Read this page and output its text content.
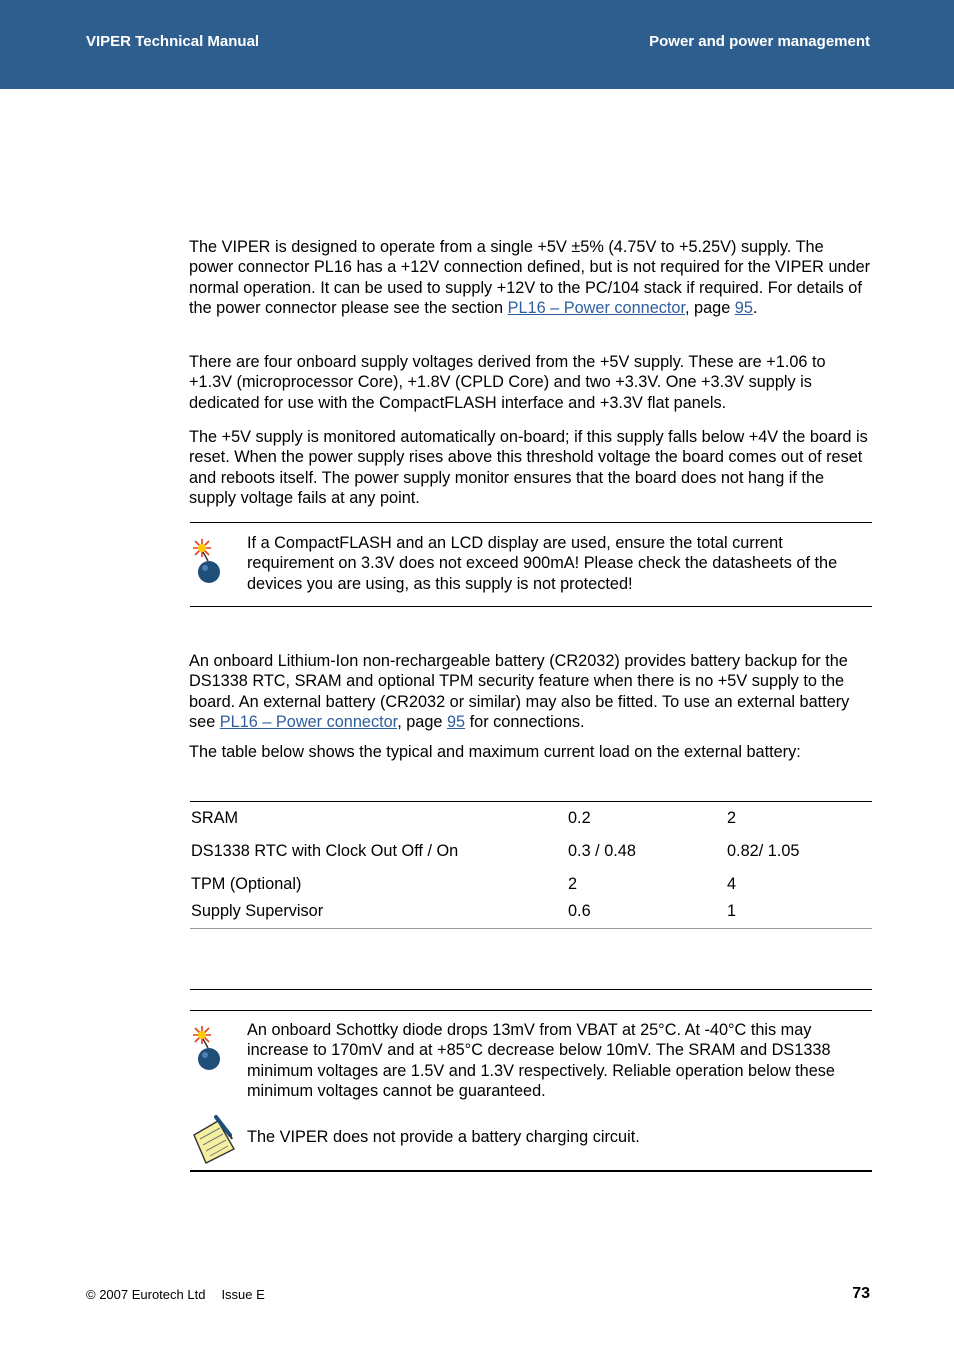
VIPER Technical Manual	Power and power management

The VIPER is designed to operate from a single +5V ±5% (4.75V to +5.25V) supply. The power connector PL16 has a +12V connection defined, but is not required for the VIPER under normal operation. It can be used to supply +12V to the PC/104 stack if required. For details of the power connector please see the section PL16 – Power connector, page 95.

There are four onboard supply voltages derived from the +5V supply. These are +1.06 to +1.3V (microprocessor Core), +1.8V (CPLD Core) and two +3.3V. One +3.3V supply is dedicated for use with the CompactFLASH interface and +3.3V flat panels.

The +5V supply is monitored automatically on-board; if this supply falls below +4V the board is reset. When the power supply rises above this threshold voltage the board comes out of reset and reboots itself. The power supply monitor ensures that the board does not hang if the supply voltage fails at any point.

If a CompactFLASH and an LCD display are used, ensure the total current requirement on 3.3V does not exceed 900mA! Please check the datasheets of the devices you are using, as this supply is not protected!

An onboard Lithium-Ion non-rechargeable battery (CR2032) provides battery backup for the DS1338 RTC, SRAM and optional TPM security feature when there is no +5V supply to the board. An external battery (CR2032 or similar) may also be fitted. To use an external battery see PL16 – Power connector, page 95 for connections.

The table below shows the typical and maximum current load on the external battery:

SRAM	0.2	2
DS1338 RTC with Clock Out Off / On	0.3 / 0.48	0.82/ 1.05
TPM (Optional)	2	4
Supply Supervisor	0.6	1

An onboard Schottky diode drops 13mV from VBAT at 25°C. At -40°C this may increase to 170mV and at +85°C decrease below 10mV. The SRAM and DS1338 minimum voltages are 1.5V and 1.3V respectively. Reliable operation below these minimum voltages cannot be guaranteed.

The VIPER does not provide a battery charging circuit.

© 2007 Eurotech Ltd Issue E	73
